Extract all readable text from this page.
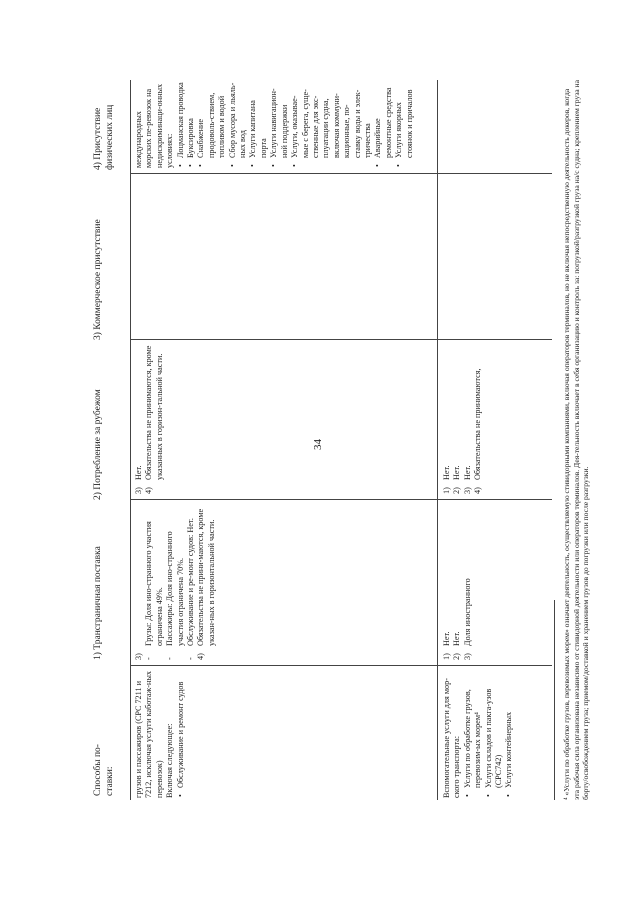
34
Способы по-ставки:
1) Трансграничная поставка
2) Потребление за рубежом
3) Коммерческое присутствие
4) Присутствие физических лиц
грузов и пассажиров (CPC 7211 и 7212, исключая услуги каботаж-ных перевозок) Включая следующее: • Обслуживание и ремонт судов
3) -
Грузы: Доля ино-странного участия ограничена 49%.
-
Пассажиры: Доля ино-странного участия ограничена 70%.
-
Обслуживание и ре-монт судов: Нет.
4)
Обязательства не прини-маются, кроме указан-ных в горизонтальной части.
3)
Нет.
4)
Обязательства не принимаются, кроме указанных в горизон-тальной части.
международных морских пе-ревозок на недискриминаци-онных условиях: • Лоцманская проводка • Буксировка • Снабжение продоволь-ствием, топливом и водой • Сбор мусора и льяль-ных вод • Услуги капитана порта • Услуги навигацион-ной поддержки • Услуги, оказывае-мые с берега, суще-ственные для экс-плуатации судна, включая коммуни-кационные, по-ставку воды и элек-тричества • Аварийные ремонтные средства • Услуги якорных стоянок и причалов
Вспомогательные услуги для мор-ского транспорта: • Услуги по обработке грузов, перевозим-ых морем⁴ • Услуги складов и пакга-узов (CPC742) • Услуги контейнерных
1)
Нет.
2)
Нет.
3)
Доля иностранного
1)
Нет.
2)
Нет.
3)
Нет.
4)
Обязательства не принимаются,	⁴ «Услуги по обработке грузов, перевозимых морем» означает деятельность, осуществляемую стивидорными компаниями, включая операторов терминалов, но не включая непосредственную деятельность докеров, когда эта рабочая сила организована независимо от стивидорной деятельности или операторов терминалов. Дея-тельность включает в себя организацию и контроль за: погрузкой/разгрузкой груза на/с судна; креплением груза на борту/освобождением груза; приемом/доставкой и хранением грузов до погрузки или после разгрузки.
